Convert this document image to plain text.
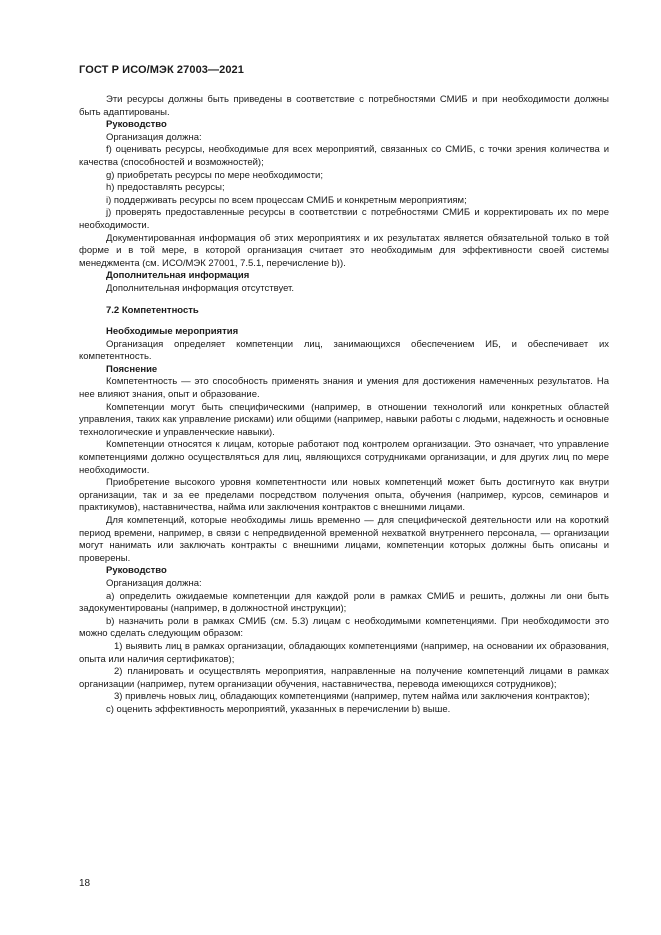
ГОСТ Р ИСО/МЭК 27003—2021

Эти ресурсы должны быть приведены в соответствие с потребностями СМИБ и при необходимости должны быть адаптированы.

Руководство

Организация должна:

f) оценивать ресурсы, необходимые для всех мероприятий, связанных со СМИБ, с точки зрения количества и качества (способностей и возможностей);

g) приобретать ресурсы по мере необходимости;

h) предоставлять ресурсы;

i) поддерживать ресурсы по всем процессам СМИБ и конкретным мероприятиям;

j) проверять предоставленные ресурсы в соответствии с потребностями СМИБ и корректировать их по мере необходимости.

Документированная информация об этих мероприятиях и их результатах является обязательной только в той форме и в той мере, в которой организация считает это необходимым для эффективности своей системы менеджмента (см. ИСО/МЭК 27001, 7.5.1, перечисление b)).

Дополнительная информация

Дополнительная информация отсутствует.

7.2 Компетентность

Необходимые мероприятия

Организация определяет компетенции лиц, занимающихся обеспечением ИБ, и обеспечивает их компетентность.

Пояснение

Компетентность — это способность применять знания и умения для достижения намеченных результатов. На нее влияют знания, опыт и образование.

Компетенции могут быть специфическими (например, в отношении технологий или конкретных областей управления, таких как управление рисками) или общими (например, навыки работы с людьми, надежность и основные технологические и управленческие навыки).

Компетенции относятся к лицам, которые работают под контролем организации. Это означает, что управление компетенциями должно осуществляться для лиц, являющихся сотрудниками организации, и для других лиц по мере необходимости.

Приобретение высокого уровня компетентности или новых компетенций может быть достигнуто как внутри организации, так и за ее пределами посредством получения опыта, обучения (например, курсов, семинаров и практикумов), наставничества, найма или заключения контрактов с внешними лицами.

Для компетенций, которые необходимы лишь временно — для специфической деятельности или на короткий период времени, например, в связи с непредвиденной временной нехваткой внутреннего персонала, — организации могут нанимать или заключать контракты с внешними лицами, компетенции которых должны быть описаны и проверены.

Руководство

Организация должна:

a) определить ожидаемые компетенции для каждой роли в рамках СМИБ и решить, должны ли они быть задокументированы (например, в должностной инструкции);

b) назначить роли в рамках СМИБ (см. 5.3) лицам с необходимыми компетенциями. При необходимости это можно сделать следующим образом:

1) выявить лиц в рамках организации, обладающих компетенциями (например, на основании их образования, опыта или наличия сертификатов);

2) планировать и осуществлять мероприятия, направленные на получение компетенций лицами в рамках организации (например, путем организации обучения, наставничества, перевода имеющихся сотрудников);

3) привлечь новых лиц, обладающих компетенциями (например, путем найма или заключения контрактов);

c) оценить эффективность мероприятий, указанных в перечислении b) выше.

18
